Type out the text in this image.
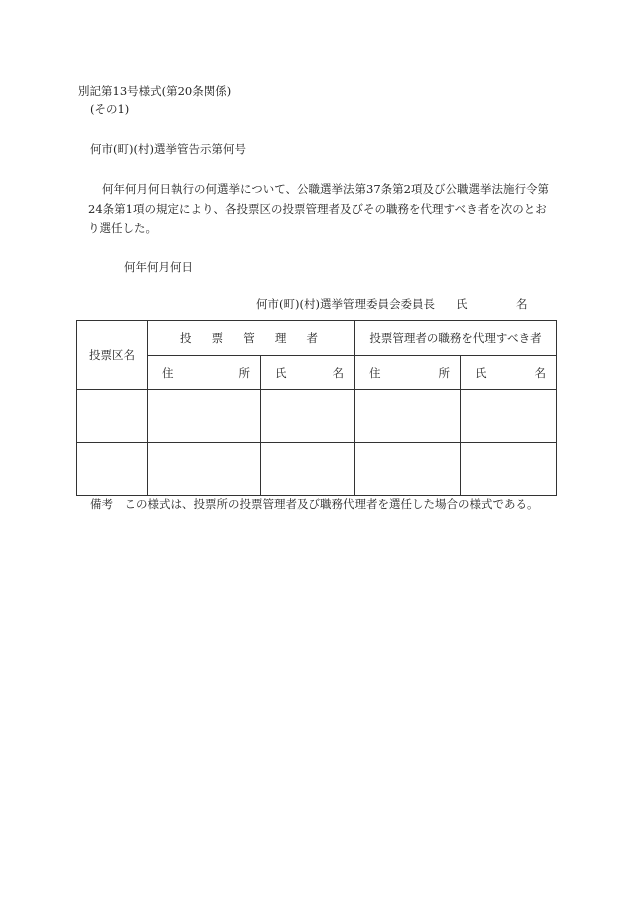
別記第13号様式(第20条関係)
(その1)
何市(町)(村)選挙管告示第何号
何年何月何日執行の何選挙について、公職選挙法第37条第2項及び公職選挙法施行令第
24条第1項の規定により、各投票区の投票管理者及びその職務を代理すべき者を次のとお
り選任した。
何年何月何日
何市(町)(村)選挙管理委員会委員長 氏	名
投票区名	投 票 管 理 者		投票管理者の職務を代理すべき者	

	住 所	氏 名	住 所	氏 名

備考　この様式は、投票所の投票管理者及び職務代理者を選任した場合の様式である。
